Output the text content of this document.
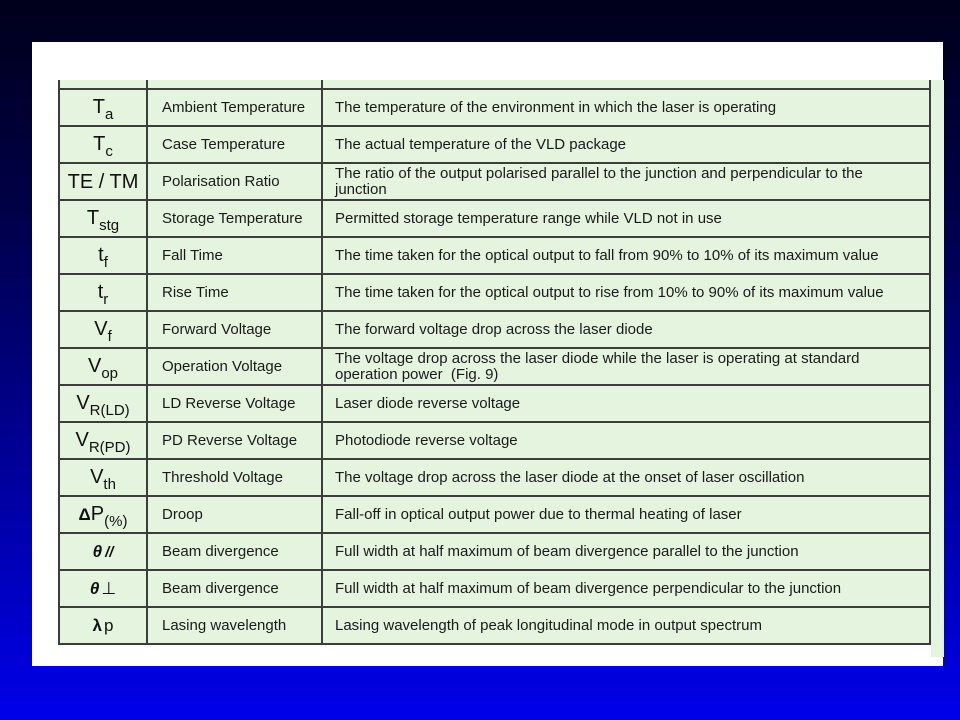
$T_a$	Ambient Temperature	The temperature of the environment in which the laser is operating
$T_c$	Case Temperature	The actual temperature of the VLD package
TE / TM	Polarisation Ratio	The ratio of the output polarised parallel to the junction and perpendicular to the junction
$T_{stg}$	Storage Temperature	Permitted storage temperature range while VLD not in use
$t_f$	Fall Time	The time taken for the optical output to fall from 90% to 10% of its maximum value
$t_r$	Rise Time	The time taken for the optical output to rise from 10% to 90% of its maximum value
$V_f$	Forward Voltage	The forward voltage drop across the laser diode
$V_{op}$	Operation Voltage	The voltage drop across the laser diode while the laser is operating at standard operation power  (Fig. 9)
$V_{R(LD)}$	LD Reverse Voltage	Laser diode reverse voltage
$V_{R(PD)}$	PD Reverse Voltage	Photodiode reverse voltage
$V_{th}$	Threshold Voltage	The voltage drop across the laser diode at the onset of laser oscillation
$\Delta P_{(\%)}$	Droop	Fall-off in optical output power due to thermal heating of laser
θ //	Beam divergence	Full width at half maximum of beam divergence parallel to the junction
θ ⊥	Beam divergence	Full width at half maximum of beam divergence perpendicular to the junction
λ p	Lasing wavelength	Lasing wavelength of peak longitudinal mode in output spectrum
